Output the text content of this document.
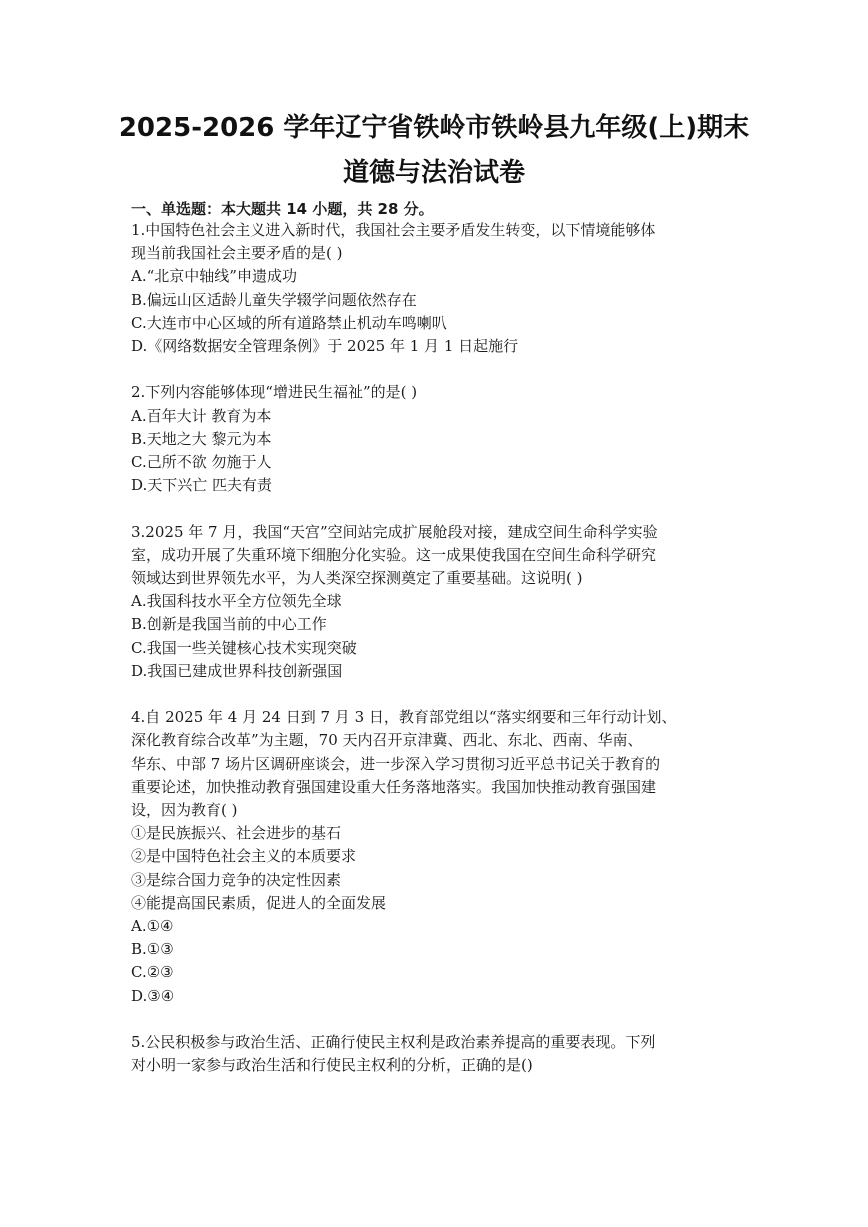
2025-2026 学年辽宁省铁岭市铁岭县九年级(上)期末
道德与法治试卷
一、单选题：本大题共 14 小题，共 28 分。

1.中国特色社会主义进入新时代，我国社会主要矛盾发生转变，以下情境能够体

现当前我国社会主要矛盾的是( )

A.“北京中轴线”申遗成功

B.偏远山区适龄儿童失学辍学问题依然存在

C.大连市中心区域的所有道路禁止机动车鸣喇叭

D.《网络数据安全管理条例》于 2025 年 1 月 1 日起施行

2.下列内容能够体现“增进民生福祉”的是( )

A.百年大计 教育为本

B.天地之大 黎元为本

C.己所不欲 勿施于人

D.天下兴亡 匹夫有责

3.2025 年 7 月，我国“天宫”空间站完成扩展舱段对接，建成空间生命科学实验

室，成功开展了失重环境下细胞分化实验。这一成果使我国在空间生命科学研究

领域达到世界领先水平，为人类深空探测奠定了重要基础。这说明( )

A.我国科技水平全方位领先全球

B.创新是我国当前的中心工作

C.我国一些关键核心技术实现突破

D.我国已建成世界科技创新强国

4.自 2025 年 4 月 24 日到 7 月 3 日，教育部党组以“落实纲要和三年行动计划、

深化教育综合改革”为主题，70 天内召开京津冀、西北、东北、西南、华南、

华东、中部 7 场片区调研座谈会，进一步深入学习贯彻习近平总书记关于教育的

重要论述，加快推动教育强国建设重大任务落地落实。我国加快推动教育强国建

设，因为教育( )

①是民族振兴、社会进步的基石

②是中国特色社会主义的本质要求

③是综合国力竞争的决定性因素

④能提高国民素质，促进人的全面发展

A.①④

B.①③

C.②③

D.③④

5.公民积极参与政治生活、正确行使民主权利是政治素养提高的重要表现。下列

对小明一家参与政治生活和行使民主权利的分析，正确的是()
